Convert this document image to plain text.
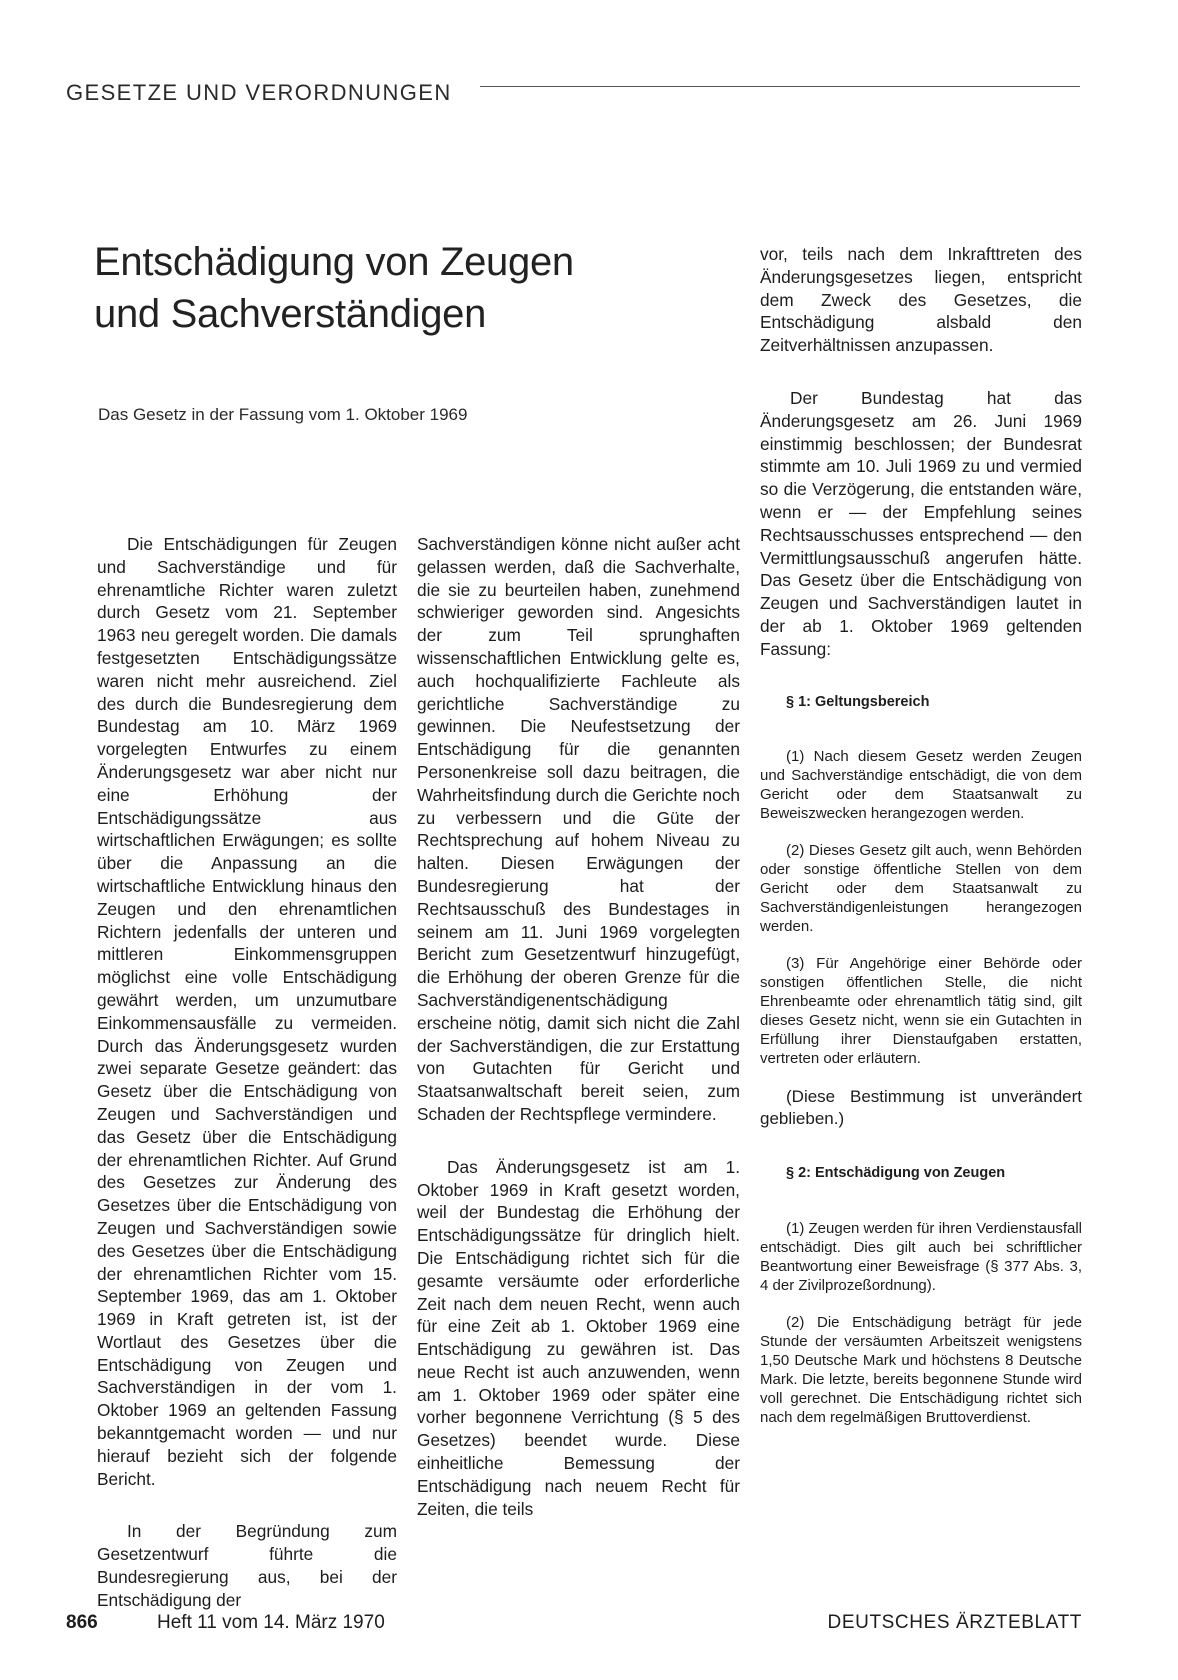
GESETZE UND VERORDNUNGEN
Entschädigung von Zeugen
und Sachverständigen

Das Gesetz in der Fassung vom 1. Oktober 1969

Die Entschädigungen für Zeugen und Sachverständige und für ehrenamtliche Richter waren zuletzt durch Gesetz vom 21. September 1963 neu geregelt worden. Die damals festgesetzten Entschädigungssätze waren nicht mehr ausreichend. Ziel des durch die Bundesregierung dem Bundestag am 10. März 1969 vorgelegten Entwurfes zu einem Änderungsgesetz war aber nicht nur eine Erhöhung der Entschädigungssätze aus wirtschaftlichen Erwägungen; es sollte über die Anpassung an die wirtschaftliche Entwicklung hinaus den Zeugen und den ehrenamtlichen Richtern jedenfalls der unteren und mittleren Einkommensgruppen möglichst eine volle Entschädigung gewährt werden, um unzumutbare Einkommensausfälle zu vermeiden. Durch das Änderungsgesetz wurden zwei separate Gesetze geändert: das Gesetz über die Entschädigung von Zeugen und Sachverständigen und das Gesetz über die Entschädigung der ehrenamtlichen Richter. Auf Grund des Gesetzes zur Änderung des Gesetzes über die Entschädigung von Zeugen und Sachverständigen sowie des Gesetzes über die Entschädigung der ehrenamtlichen Richter vom 15. September 1969, das am 1. Oktober 1969 in Kraft getreten ist, ist der Wortlaut des Gesetzes über die Entschädigung von Zeugen und Sachverständigen in der vom 1. Oktober 1969 an geltenden Fassung bekanntgemacht worden — und nur hierauf bezieht sich der folgende Bericht.

In der Begründung zum Gesetzentwurf führte die Bundesregierung aus, bei der Entschädigung der

Sachverständigen könne nicht außer acht gelassen werden, daß die Sachverhalte, die sie zu beurteilen haben, zunehmend schwieriger geworden sind. Angesichts der zum Teil sprunghaften wissenschaftlichen Entwicklung gelte es, auch hochqualifizierte Fachleute als gerichtliche Sachverständige zu gewinnen. Die Neufestsetzung der Entschädigung für die genannten Personenkreise soll dazu beitragen, die Wahrheitsfindung durch die Gerichte noch zu verbessern und die Güte der Rechtsprechung auf hohem Niveau zu halten. Diesen Erwägungen der Bundesregierung hat der Rechtsausschuß des Bundestages in seinem am 11. Juni 1969 vorgelegten Bericht zum Gesetzentwurf hinzugefügt, die Erhöhung der oberen Grenze für die Sachverständigenentschädigung erscheine nötig, damit sich nicht die Zahl der Sachverständigen, die zur Erstattung von Gutachten für Gericht und Staatsanwaltschaft bereit seien, zum Schaden der Rechtspflege vermindere.

Das Änderungsgesetz ist am 1. Oktober 1969 in Kraft gesetzt worden, weil der Bundestag die Erhöhung der Entschädigungssätze für dringlich hielt. Die Entschädigung richtet sich für die gesamte versäumte oder erforderliche Zeit nach dem neuen Recht, wenn auch für eine Zeit ab 1. Oktober 1969 eine Entschädigung zu gewähren ist. Das neue Recht ist auch anzuwenden, wenn am 1. Oktober 1969 oder später eine vorher begonnene Verrichtung (§ 5 des Gesetzes) beendet wurde. Diese einheitliche Bemessung der Entschädigung nach neuem Recht für Zeiten, die teils

vor, teils nach dem Inkrafttreten des Änderungsgesetzes liegen, entspricht dem Zweck des Gesetzes, die Entschädigung alsbald den Zeitverhältnissen anzupassen.

Der Bundestag hat das Änderungsgesetz am 26. Juni 1969 einstimmig beschlossen; der Bundesrat stimmte am 10. Juli 1969 zu und vermied so die Verzögerung, die entstanden wäre, wenn er — der Empfehlung seines Rechtsausschusses entsprechend — den Vermittlungsausschuß angerufen hätte. Das Gesetz über die Entschädigung von Zeugen und Sachverständigen lautet in der ab 1. Oktober 1969 geltenden Fassung:

§ 1: Geltungsbereich

(1) Nach diesem Gesetz werden Zeugen und Sachverständige entschädigt, die von dem Gericht oder dem Staatsanwalt zu Beweiszwecken herangezogen werden.

(2) Dieses Gesetz gilt auch, wenn Behörden oder sonstige öffentliche Stellen von dem Gericht oder dem Staatsanwalt zu Sachverständigenleistungen herangezogen werden.

(3) Für Angehörige einer Behörde oder sonstigen öffentlichen Stelle, die nicht Ehrenbeamte oder ehrenamtlich tätig sind, gilt dieses Gesetz nicht, wenn sie ein Gutachten in Erfüllung ihrer Dienstaufgaben erstatten, vertreten oder erläutern.

(Diese Bestimmung ist unverändert geblieben.)

§ 2: Entschädigung von Zeugen

(1) Zeugen werden für ihren Verdienstausfall entschädigt. Dies gilt auch bei schriftlicher Beantwortung einer Beweisfrage (§ 377 Abs. 3, 4 der Zivilprozeßordnung).

(2) Die Entschädigung beträgt für jede Stunde der versäumten Arbeitszeit wenigstens 1,50 Deutsche Mark und höchstens 8 Deutsche Mark. Die letzte, bereits begonnene Stunde wird voll gerechnet. Die Entschädigung richtet sich nach dem regelmäßigen Bruttoverdienst.

866	Heft 11 vom 14. März 1970	DEUTSCHES ÄRZTEBLATT
